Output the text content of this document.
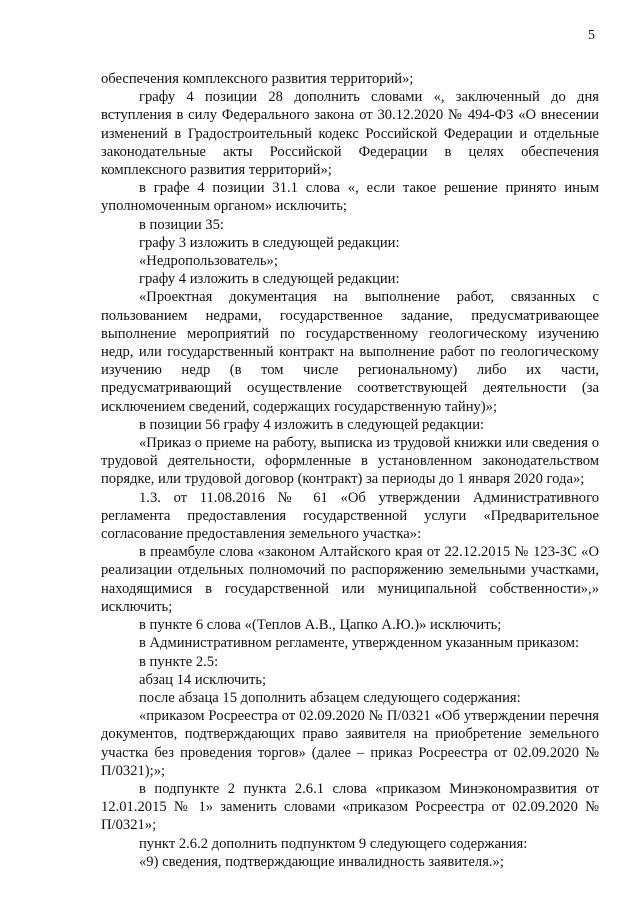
5

обеспечения комплексного развития территорий»;

графу 4 позиции 28 дополнить словами «, заключенный до дня вступления в силу Федерального закона от 30.12.2020 № 494-ФЗ «О внесении изменений в Градостроительный кодекс Российской Федерации и отдельные законодательные акты Российской Федерации в целях обеспечения комплексного развития территорий»;

в графе 4 позиции 31.1 слова «, если такое решение принято иным уполномоченным органом» исключить;

в позиции 35:

графу 3 изложить в следующей редакции:

«Недропользователь»;

графу 4 изложить в следующей редакции:

«Проектная документация на выполнение работ, связанных с пользованием недрами, государственное задание, предусматривающее выполнение мероприятий по государственному геологическому изучению недр, или государственный контракт на выполнение работ по геологическому изучению недр (в том числе региональному) либо их части, предусматривающий осуществление соответствующей деятельности (за исключением сведений, содержащих государственную тайну)»;

в позиции 56 графу 4 изложить в следующей редакции:

«Приказ о приеме на работу, выписка из трудовой книжки или сведения о трудовой деятельности, оформленные в установленном законодательством порядке, или трудовой договор (контракт) за периоды до 1 января 2020 года»;

1.3. от 11.08.2016 № 61 «Об утверждении Административного регламента предоставления государственной услуги «Предварительное согласование предоставления земельного участка»:

в преамбуле слова «законом Алтайского края от 22.12.2015 № 123-ЗС «О реализации отдельных полномочий по распоряжению земельными участками, находящимися в государственной или муниципальной собственности»,» исключить;

в пункте 6 слова «(Теплов А.В., Цапко А.Ю.)» исключить;

в Административном регламенте, утвержденном указанным приказом:

в пункте 2.5:

абзац 14 исключить;

после абзаца 15 дополнить абзацем следующего содержания:

«приказом Росреестра от 02.09.2020 № П/0321 «Об утверждении перечня документов, подтверждающих право заявителя на приобретение земельного участка без проведения торгов» (далее – приказ Росреестра от 02.09.2020 № П/0321);»;

в подпункте 2 пункта 2.6.1 слова «приказом Минэкономразвития от 12.01.2015 № 1» заменить словами «приказом Росреестра от 02.09.2020 № П/0321»;

пункт 2.6.2 дополнить подпунктом 9 следующего содержания:

«9) сведения, подтверждающие инвалидность заявителя.»;
